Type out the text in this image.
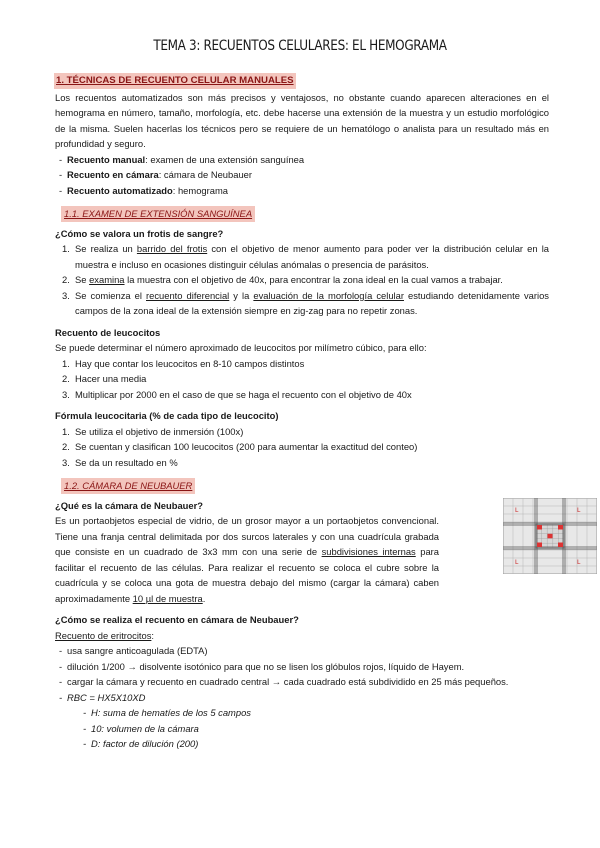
TEMA 3: RECUENTOS CELULARES: EL HEMOGRAMA
1. TÉCNICAS DE RECUENTO CELULAR MANUALES
Los recuentos automatizados son más precisos y ventajosos, no obstante cuando aparecen alteraciones en el hemograma en número, tamaño, morfología, etc. debe hacerse una extensión de la muestra y un estudio morfológico de la misma. Suelen hacerlas los técnicos pero se requiere de un hematólogo o analista para un resultado más en profundidad y seguro.
- Recuento manual: examen de una extensión sanguínea
- Recuento en cámara: cámara de Neubauer
- Recuento automatizado: hemograma
1.1. EXAMEN DE EXTENSIÓN SANGUÍNEA
¿Cómo se valora un frotis de sangre?
1. Se realiza un barrido del frotis con el objetivo de menor aumento para poder ver la distribución celular en la muestra e incluso en ocasiones distinguir células anómalas o presencia de parásitos.
2. Se examina la muestra con el objetivo de 40x, para encontrar la zona ideal en la cual vamos a trabajar.
3. Se comienza el recuento diferencial y la evaluación de la morfología celular estudiando detenidamente varios campos de la zona ideal de la extensión siempre en zig-zag para no repetir zonas.
Recuento de leucocitos
Se puede determinar el número aproximado de leucocitos por milímetro cúbico, para ello:
1. Hay que contar los leucocitos en 8-10 campos distintos
2. Hacer una media
3. Multiplicar por 2000 en el caso de que se haga el recuento con el objetivo de 40x
Fórmula leucocitaria (% de cada tipo de leucocito)
1. Se utiliza el objetivo de inmersión (100x)
2. Se cuentan y clasifican 100 leucocitos (200 para aumentar la exactitud del conteo)
3. Se da un resultado en %
1.2. CÁMARA DE NEUBAUER
¿Qué es la cámara de Neubauer?
Es un portaobjetos especial de vidrio, de un grosor mayor a un portaobjetos convencional. Tiene una franja central delimitada por dos surcos laterales y con una cuadrícula grabada que consiste en un cuadrado de 3x3 mm con una serie de subdivisiones internas para facilitar el recuento de las células. Para realizar el recuento se coloca el cubre sobre la cuadrícula y se coloca una gota de muestra debajo del mismo (cargar la cámara) caben aproximadamente 10 µl de muestra.
L	L
L	L
¿Cómo se realiza el recuento en cámara de Neubauer?
Recuento de eritrocitos:
- usa sangre anticoagulada (EDTA)
- dilución 1/200 → disolvente isotónico para que no se lisen los glóbulos rojos, líquido de Hayem.
- cargar la cámara y recuento en cuadrado central → cada cuadrado está subdividido en 25 más pequeños.
- RBC = HX5X10XD
- H: suma de hematíes de los 5 campos
- 10: volumen de la cámara
- D: factor de dilución (200)
